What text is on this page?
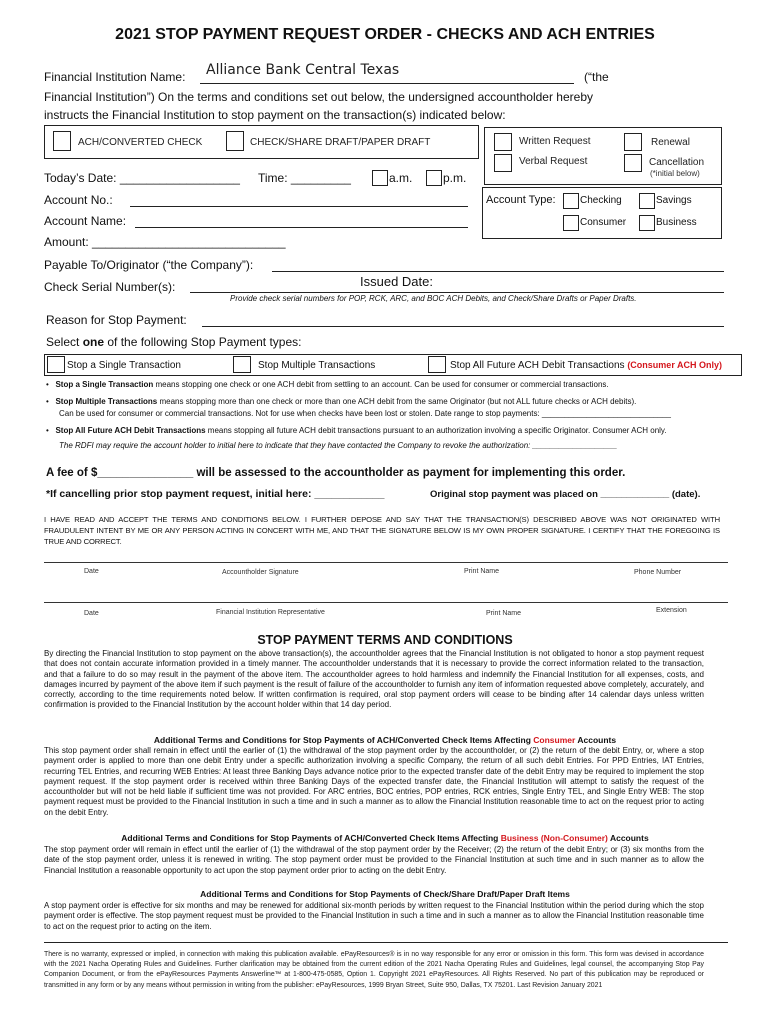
2021 STOP PAYMENT REQUEST ORDER - CHECKS AND ACH ENTRIES
Financial Institution Name: Alliance Bank Central Texas	(“the
Financial Institution”) On the terms and conditions set out below, the undersigned accountholder hereby
instructs the Financial Institution to stop payment on the transaction(s) indicated below:
ACH/CONVERTED CHECK	CHECK/SHARE DRAFT/PAPER DRAFT	Written Request
Verbal Request
Renewal
Cancellation
(*initial below)
Today’s Date: __________________ Time: _________	a.m.	p.m.
Account No.:
Account Name:
Account Type: Checking	Savings
Consumer	Business
Amount: _____________________________
Payable To/Originator (“the Company”):
Check Serial Number(s):	Issued Date:
Provide check serial numbers for POP, RCK, ARC, and BOC ACH Debits, and Check/Share Drafts or Paper Drafts.
Reason for Stop Payment:
Select one of the following Stop Payment types:
Stop a Single Transaction	Stop Multiple Transactions	Stop All Future ACH Debit Transactions (Consumer ACH Only)
•   Stop a Single Transaction means stopping one check or one ACH debit from settling to an account. Can be used for consumer or commercial transactions.
•   Stop Multiple Transactions means stopping more than one check or more than one ACH debit from the same Originator (but not ALL future checks or ACH debits).
Can be used for consumer or commercial transactions. Not for use when checks have been lost or stolen. Date range to stop payments: _____________________________
•   Stop All Future ACH Debit Transactions means stopping all future ACH debit transactions pursuant to an authorization involving a specific Originator. Consumer ACH only.
The RDFI may require the account holder to initial here to indicate that they have contacted the Company to revoke the authorization: ___________________
A fee of $_______________ will be assessed to the accountholder as payment for implementing this order.
*If cancelling prior stop payment request, initial here: ____________	Original stop payment was placed on _____________ (date).
I HAVE READ AND ACCEPT THE TERMS AND CONDITIONS BELOW. I FURTHER DEPOSE AND SAY THAT THE TRANSACTION(S) DESCRIBED ABOVE WAS NOT ORIGINATED WITH FRAUDULENT INTENT BY ME OR ANY PERSON ACTING IN CONCERT WITH ME, AND THAT THE SIGNATURE BELOW IS MY OWN PROPER SIGNATURE. I CERTIFY THAT THE FOREGOING IS TRUE AND CORRECT.
Date	Accountholder Signature	Print Name	Phone Number
Date	Financial Institution Representative	Print Name	Extension
STOP PAYMENT TERMS AND CONDITIONS
By directing the Financial Institution to stop payment on the above transaction(s), the accountholder agrees that the Financial Institution is not obligated to honor a stop payment request that does not contain accurate information provided in a timely manner. The accountholder understands that it is necessary to provide the correct information related to the transaction, and that a failure to do so may result in the payment of the above item. The accountholder agrees to hold harmless and indemnify the Financial Institution for all expenses, costs, and damages incurred by payment of the above item if such payment is the result of failure of the accountholder to furnish any item of information requested above completely, accurately, and correctly, according to the time requirements noted below. If written confirmation is required, oral stop payment orders will cease to be binding after 14 calendar days unless written confirmation is provided to the Financial Institution by the account holder within that 14 day period.
Additional Terms and Conditions for Stop Payments of ACH/Converted Check Items Affecting Consumer Accounts
This stop payment order shall remain in effect until the earlier of (1) the withdrawal of the stop payment order by the accountholder, or (2) the return of the debit Entry, or, where a stop payment order is applied to more than one debit Entry under a specific authorization involving a specific Company, the return of all such debit Entries. For PPD Entries, IAT Entries, recurring TEL Entries, and recurring WEB Entries: At least three Banking Days advance notice prior to the expected transfer date of the debit Entry may be required to implement the stop payment request. If the stop payment order is received within three Banking Days of the expected transfer date, the Financial Institution will attempt to satisfy the request of the accountholder but will not be held liable if sufficient time was not provided. For ARC entries, BOC entries, POP entries, RCK entries, Single Entry TEL, and Single Entry WEB: The stop payment request must be provided to the Financial Institution in such a time and in such a manner as to allow the Financial Institution reasonable time to act on the request prior to acting on the debit Entry.
Additional Terms and Conditions for Stop Payments of ACH/Converted Check Items Affecting Business (Non-Consumer) Accounts
The stop payment order will remain in effect until the earlier of (1) the withdrawal of the stop payment order by the Receiver; (2) the return of the debit Entry; or (3) six months from the date of the stop payment order, unless it is renewed in writing. The stop payment order must be provided to the Financial Institution at such time and in such manner as to allow the Financial Institution a reasonable opportunity to act upon the stop payment order prior to acting on the debit Entry.
Additional Terms and Conditions for Stop Payments of Check/Share Draft/Paper Draft Items
A stop payment order is effective for six months and may be renewed for additional six-month periods by written request to the Financial Institution within the period during which the stop payment order is effective. The stop payment request must be provided to the Financial Institution in such a time and in such a manner as to allow the Financial Institution reasonable time to act on the request prior to acting on the item.
There is no warranty, expressed or implied, in connection with making this publication available. ePayResources® is in no way responsible for any error or omission in this form. This form was devised in accordance with the 2021 Nacha Operating Rules and Guidelines. Further clarification may be obtained from the current edition of the 2021 Nacha Operating Rules and Guidelines, legal counsel, the accompanying Stop Pay Companion Document, or from the ePayResources Payments Answerline™ at 1-800-475-0585, Option 1. Copyright 2021 ePayResources. All Rights Reserved. No part of this publication may be reproduced or transmitted in any form or by any means without permission in writing from the publisher: ePayResources, 1999 Bryan Street, Suite 950, Dallas, TX 75201. Last Revision January 2021
